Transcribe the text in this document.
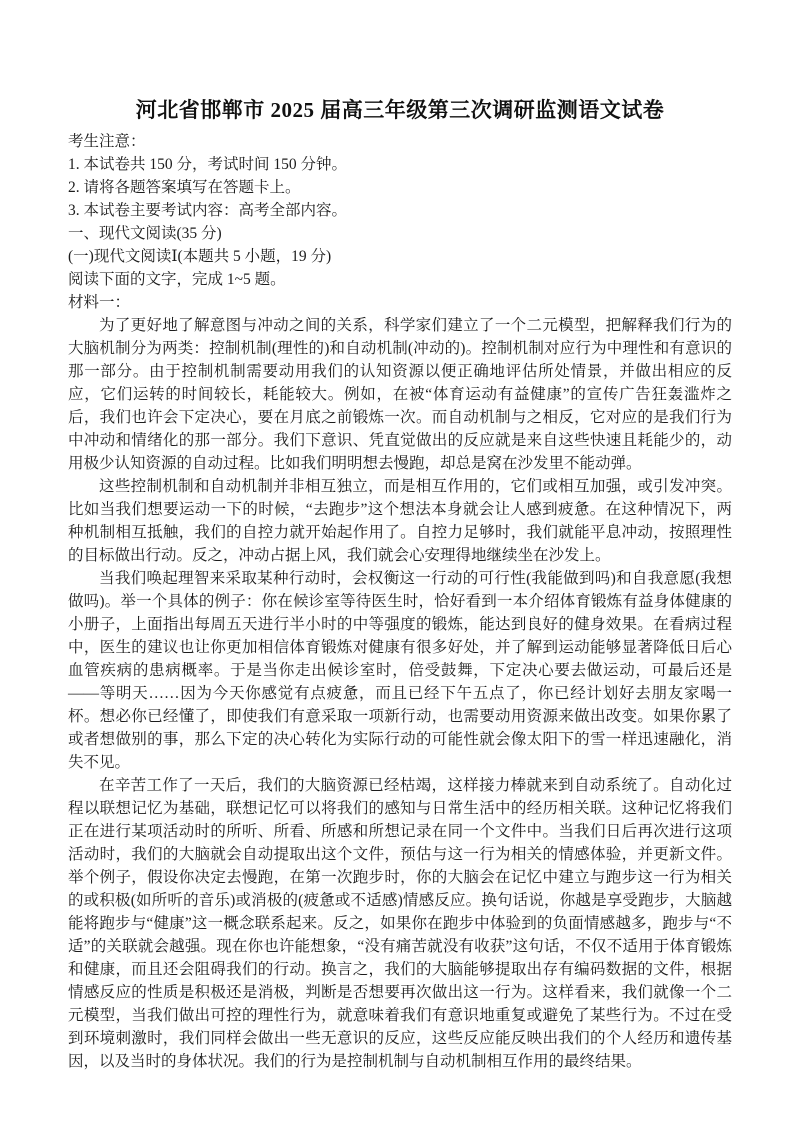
河北省邯郸市 2025 届高三年级第三次调研监测语文试卷
考生注意：
1. 本试卷共 150 分，考试时间 150 分钟。
2. 请将各题答案填写在答题卡上。
3. 本试卷主要考试内容：高考全部内容。
一、现代文阅读(35 分)
(一)现代文阅读Ⅰ(本题共 5 小题，19 分)
阅读下面的文字，完成 1~5 题。
材料一：

为了更好地了解意图与冲动之间的关系，科学家们建立了一个二元模型，把解释我们行为的大脑机制分为两类：控制机制(理性的)和自动机制(冲动的)。控制机制对应行为中理性和有意识的那一部分。由于控制机制需要动用我们的认知资源以便正确地评估所处情景，并做出相应的反应，它们运转的时间较长，耗能较大。例如，在被“体育运动有益健康”的宣传广告狂轰滥炸之后，我们也许会下定决心，要在月底之前锻炼一次。而自动机制与之相反，它对应的是我们行为中冲动和情绪化的那一部分。我们下意识、凭直觉做出的反应就是来自这些快速且耗能少的，动用极少认知资源的自动过程。比如我们明明想去慢跑，却总是窝在沙发里不能动弹。

这些控制机制和自动机制并非相互独立，而是相互作用的，它们或相互加强，或引发冲突。比如当我们想要运动一下的时候，“去跑步”这个想法本身就会让人感到疲惫。在这种情况下，两种机制相互抵触，我们的自控力就开始起作用了。自控力足够时，我们就能平息冲动，按照理性的目标做出行动。反之，冲动占据上风，我们就会心安理得地继续坐在沙发上。

当我们唤起理智来采取某种行动时，会权衡这一行动的可行性(我能做到吗)和自我意愿(我想做吗)。举一个具体的例子：你在候诊室等待医生时，恰好看到一本介绍体育锻炼有益身体健康的小册子，上面指出每周五天进行半小时的中等强度的锻炼，能达到良好的健身效果。在看病过程中，医生的建议也让你更加相信体育锻炼对健康有很多好处，并了解到运动能够显著降低日后心血管疾病的患病概率。于是当你走出候诊室时，倍受鼓舞，下定决心要去做运动，可最后还是——等明天……因为今天你感觉有点疲惫，而且已经下午五点了，你已经计划好去朋友家喝一杯。想必你已经懂了，即使我们有意采取一项新行动，也需要动用资源来做出改变。如果你累了或者想做别的事，那么下定的决心转化为实际行动的可能性就会像太阳下的雪一样迅速融化，消失不见。

在辛苦工作了一天后，我们的大脑资源已经枯竭，这样接力棒就来到自动系统了。自动化过程以联想记忆为基础，联想记忆可以将我们的感知与日常生活中的经历相关联。这种记忆将我们正在进行某项活动时的所听、所看、所感和所想记录在同一个文件中。当我们日后再次进行这项活动时，我们的大脑就会自动提取出这个文件，预估与这一行为相关的情感体验，并更新文件。举个例子，假设你决定去慢跑，在第一次跑步时，你的大脑会在记忆中建立与跑步这一行为相关的或积极(如所听的音乐)或消极的(疲惫或不适感)情感反应。换句话说，你越是享受跑步，大脑越能将跑步与“健康”这一概念联系起来。反之，如果你在跑步中体验到的负面情感越多，跑步与“不适”的关联就会越强。现在你也许能想象，“没有痛苦就没有收获”这句话，不仅不适用于体育锻炼和健康，而且还会阻碍我们的行动。换言之，我们的大脑能够提取出存有编码数据的文件，根据情感反应的性质是积极还是消极，判断是否想要再次做出这一行为。这样看来，我们就像一个二元模型，当我们做出可控的理性行为，就意味着我们有意识地重复或避免了某些行为。不过在受到环境刺激时，我们同样会做出一些无意识的反应，这些反应能反映出我们的个人经历和遗传基因，以及当时的身体状况。我们的行为是控制机制与自动机制相互作用的最终结果。
